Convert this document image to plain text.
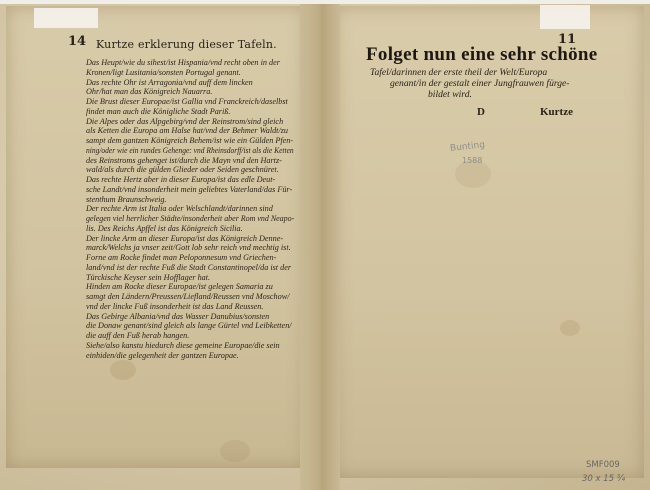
14 Kurtze erklerung dieser Tafeln.
Das Heupt/wie du sihest/ist Hispania/vnd recht oben in der
Kronen/ligt Lusitania/sonsten Portugal genant.
Das rechte Ohr ist Arragonia/vnd auff dem lincken
Ohr/hat man das Königreich Nauarra.
Die Brust dieser Europae/ist Gallia vnd Franckreich/daselbst
findet man auch die Königliche Stadt Pariß.
Die Alpes oder das Alpgebirg/vnd der Reinstrom/sind gleich
als Ketten die Europa am Halse hat/vnd der Behmer Waldt/zu
sampt dem gantzen Königreich Behem/ist wie ein Gülden Pfen-
ning/oder wie ein rundes Gehenge: vnd Rheinsdorff/ist als die Ketten
des Reinstroms gehenget ist/durch die Mayn vnd den Hartz-
wald/als durch die gülden Glieder oder Seiden geschnüret.
Das rechte Hertz aber in dieser Europa/ist das edle Deut-
sche Landt/vnd insonderheit mein geliebtes Vaterland/das Für-
stenthum Braunschweig.
Der rechte Arm ist Italia oder Welschlandt/darinnen sind
gelegen viel herrlicher Städte/insonderheit aber Rom vnd Neapo-
lis. Des Reichs Apffel ist das Königreich Sicilia.
Der lincke Arm an dieser Europa/ist das Königreich Denne-
marck/Welchs ja vnser zeit/Gott lob sehr reich vnd mechtig ist.
Forne am Rocke findet man Peloponnesum vnd Griechen-
land/vnd ist der rechte Fuß die Stadt Constantinopel/da ist der
Türckische Keyser sein Hofflager hat.
Hinden am Rocke dieser Europae/ist gelegen Samaria zu
samgt den Ländern/Preussen/Liefland/Reussen vnd Moschow/
vnd der lincke Fuß insonderheit ist das Land Reussen.
Das Gebirge Albania/vnd das Wasser Danubius/sonsten
die Donaw genant/sind gleich als lange Gürtel vnd Leibketten/
die auff den Fuß herab hangen.
Siehe/also kanstu hiedurch diese gemeine Europae/die sein
einhiden/die gelegenheit der gantzen Europae.
11
Folget nun eine sehr schöne
Tafel/darinnen der erste theil der Welt/Europa
genant/in der gestalt einer Jungfrauwen fürge-
bildet wird.
D	Kurtze
Bunting
1588
SMF009
30 x 15 ¾
